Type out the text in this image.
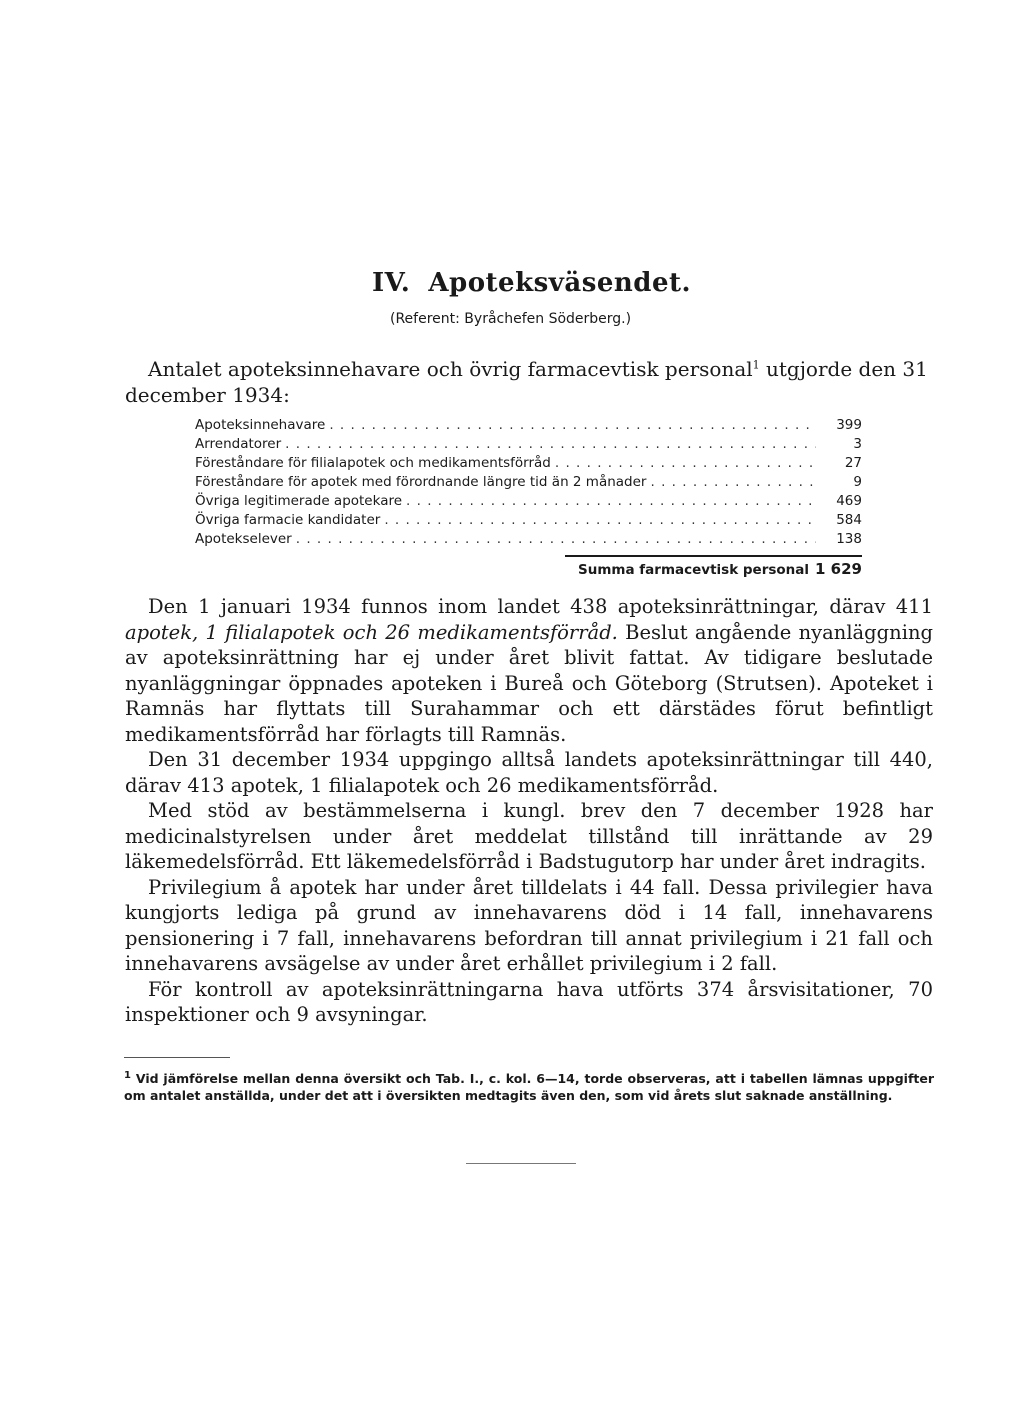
IV. Apoteksväsendet.
(Referent: Byråchefen Söderberg.)

Antalet apoteksinnehavare och övrig farmacevtisk personal$^1$ utgjorde den 31
december 1934:

Apoteksinnehavare . . .	399
Arrendatorer . . .	3
Föreståndare för filialapotek och medikamentsförråd . . .	27
Föreståndare för apotek med förordnande längre tid än 2 månader . . .	9
Övriga legitimerade apotekare . . .	469
Övriga farmacie kandidater . . .	584
Apotekselever . . .	138
Summa farmacevtisk personal 1 629

Den 1 januari 1934 funnos inom landet 438 apoteksinrättningar, därav 411 apotek, 1 filialapotek och 26 medikamentsförråd. Beslut angående nyanläggning av apoteksinrättning har ej under året blivit fattat. Av tidigare beslutade nyanläggningar öppnades apoteken i Bureå och Göteborg (Strutsen). Apoteket i Ramnäs har flyttats till Surahammar och ett därstädes förut befintligt medikamentsförråd har förlagts till Ramnäs.

Den 31 december 1934 uppgingo alltså landets apoteksinrättningar till 440, därav 413 apotek, 1 filialapotek och 26 medikamentsförråd.

Med stöd av bestämmelserna i kungl. brev den 7 december 1928 har medicinalstyrelsen under året meddelat tillstånd till inrättande av 29 läkemedelsförråd. Ett läkemedelsförråd i Badstugutorp har under året indragits.

Privilegium å apotek har under året tilldelats i 44 fall. Dessa privilegier hava kungjorts lediga på grund av innehavarens död i 14 fall, innehavarens pensionering i 7 fall, innehavarens befordran till annat privilegium i 21 fall och innehavarens avsägelse av under året erhållet privilegium i 2 fall.

För kontroll av apoteksinrättningarna hava utförts 374 årsvisitationer, 70 inspektioner och 9 avsyningar.

$^1$ Vid jämförelse mellan denna översikt och Tab. I., c. kol. 6—14, torde observeras, att i tabellen lämnas uppgifter om antalet anställda, under det att i översikten medtagits även den, som vid årets slut saknade anställning.
